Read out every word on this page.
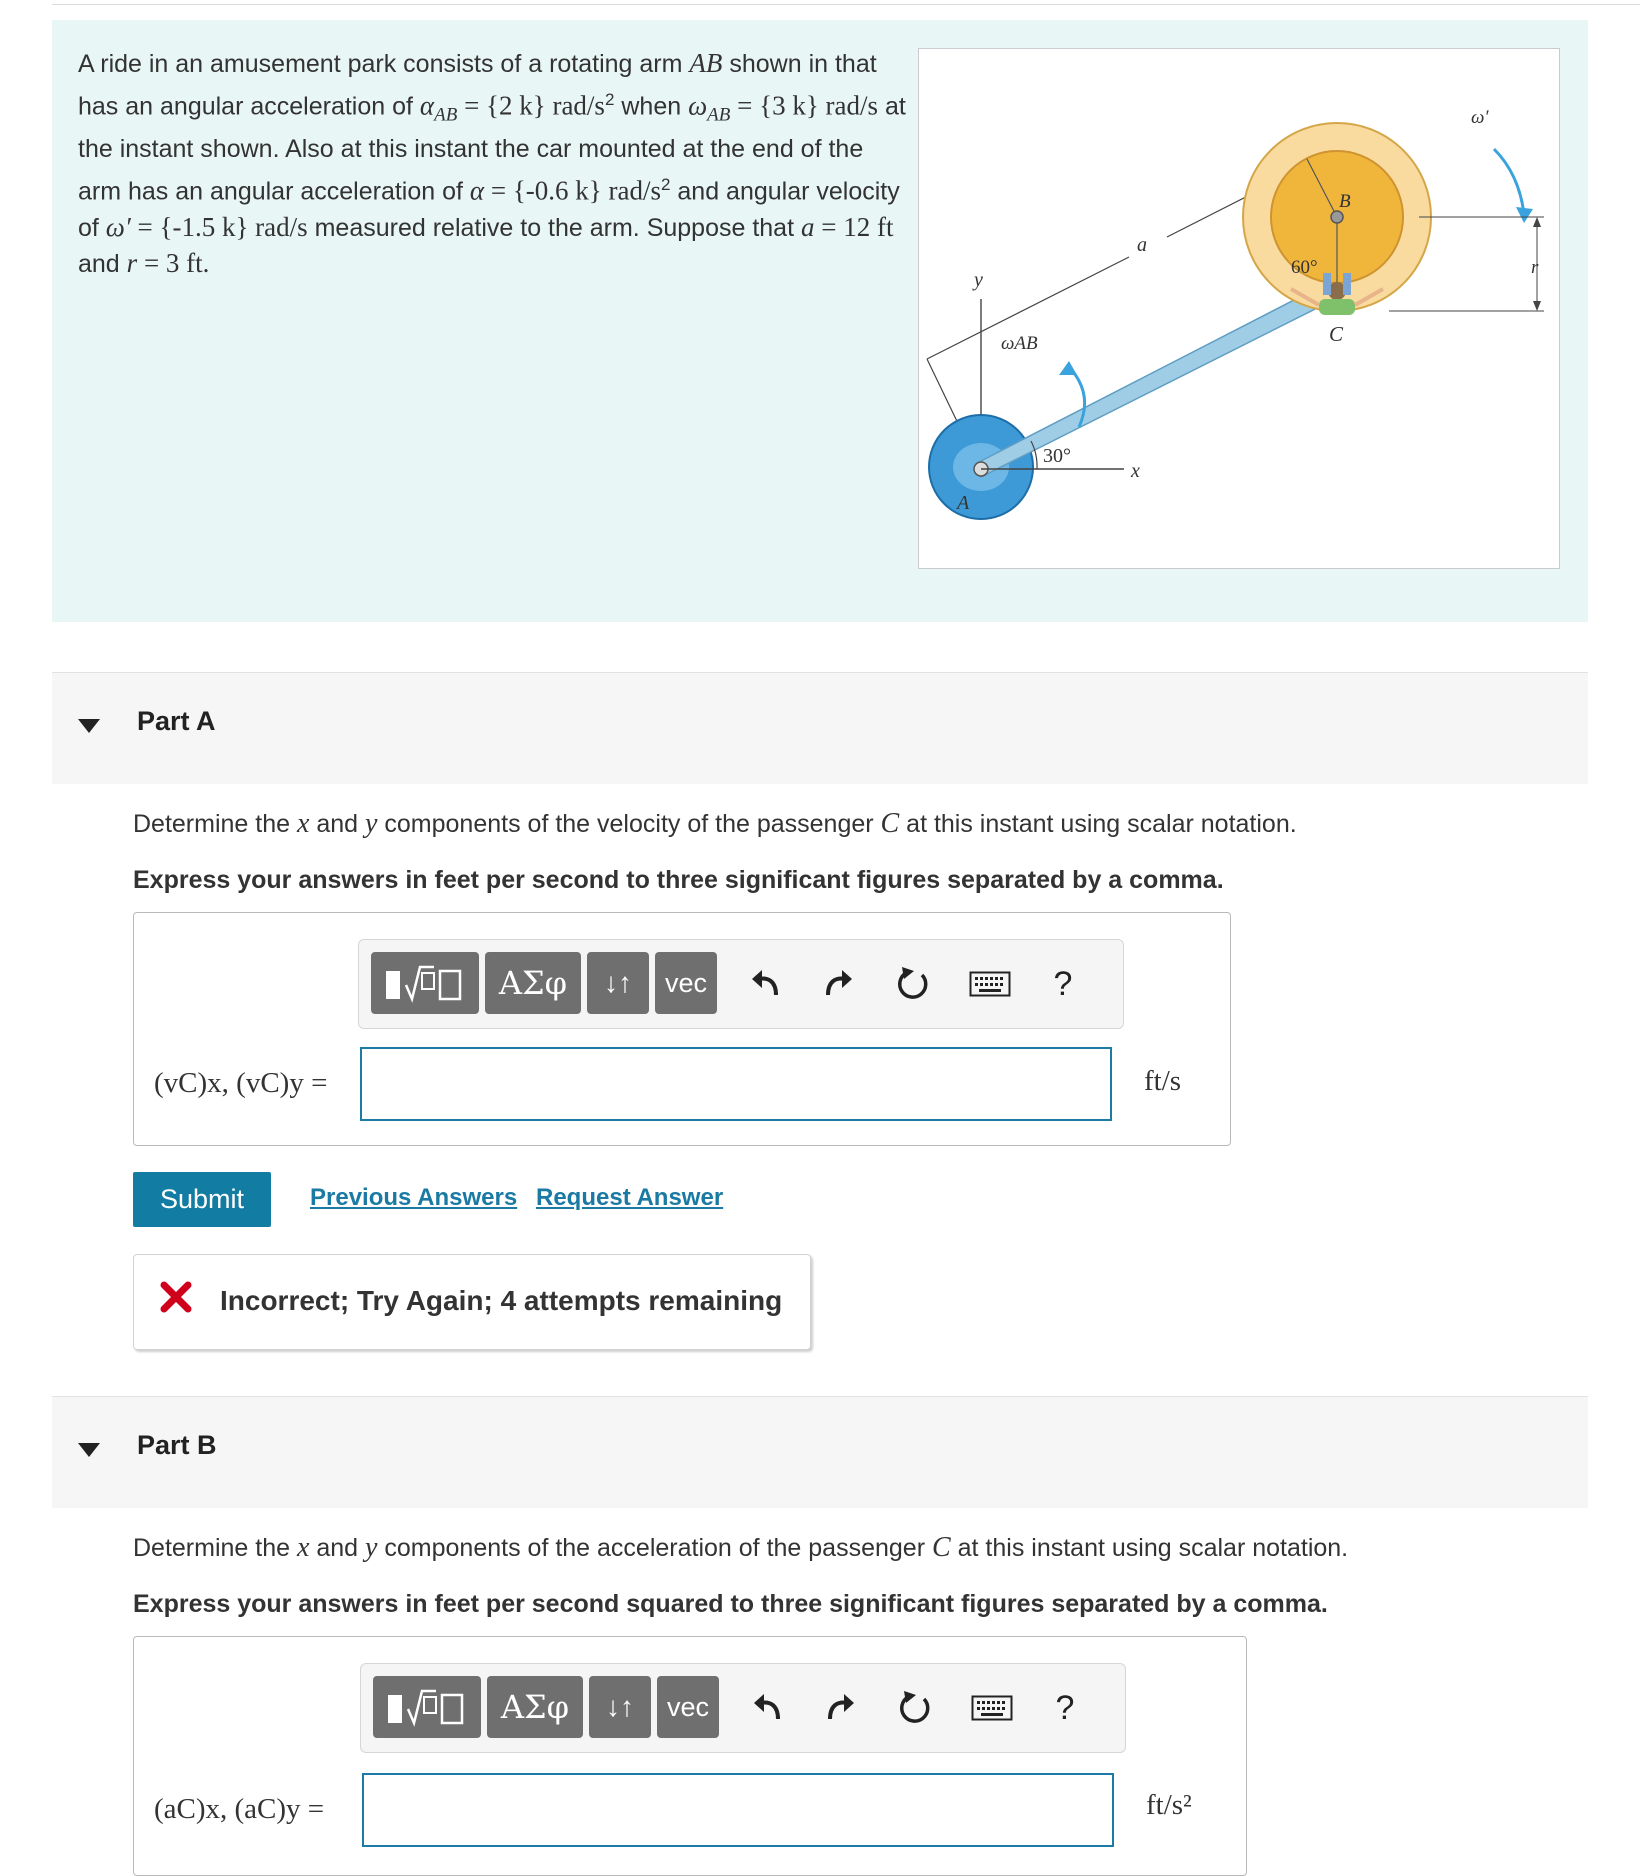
A ride in an amusement park consists of a rotating arm AB shown in that has an angular acceleration of $\alpha_{AB} = \{2$ k} rad/$s^2$ when $\omega_{AB} = \{3$ k} rad/s at the instant shown. Also at this instant the car mounted at the end of the arm has an angular acceleration of α = {-0.6 k} rad/$s^2$ and angular velocity of ω′ = {-1.5 k} rad/s measured relative to the arm. Suppose that a = 12 ft and r = 3 ft.
a
y
A
x
30°
ωAB
B
60°
C
ω′
r
Part A
Determine the x and y components of the velocity of the passenger C at this instant using scalar notation.
Express your answers in feet per second to three significant figures separated by a comma.
ΑΣφ	↓↑	vec	?
(vC)x, (vC)y =	ft/s
Submit	Previous Answers Request Answer
Incorrect; Try Again; 4 attempts remaining
Part B
Determine the x and y components of the acceleration of the passenger C at this instant using scalar notation.
Express your answers in feet per second squared to three significant figures separated by a comma.
ΑΣφ	↓↑	vec	?
(aC)x, (aC)y =	ft/s²
